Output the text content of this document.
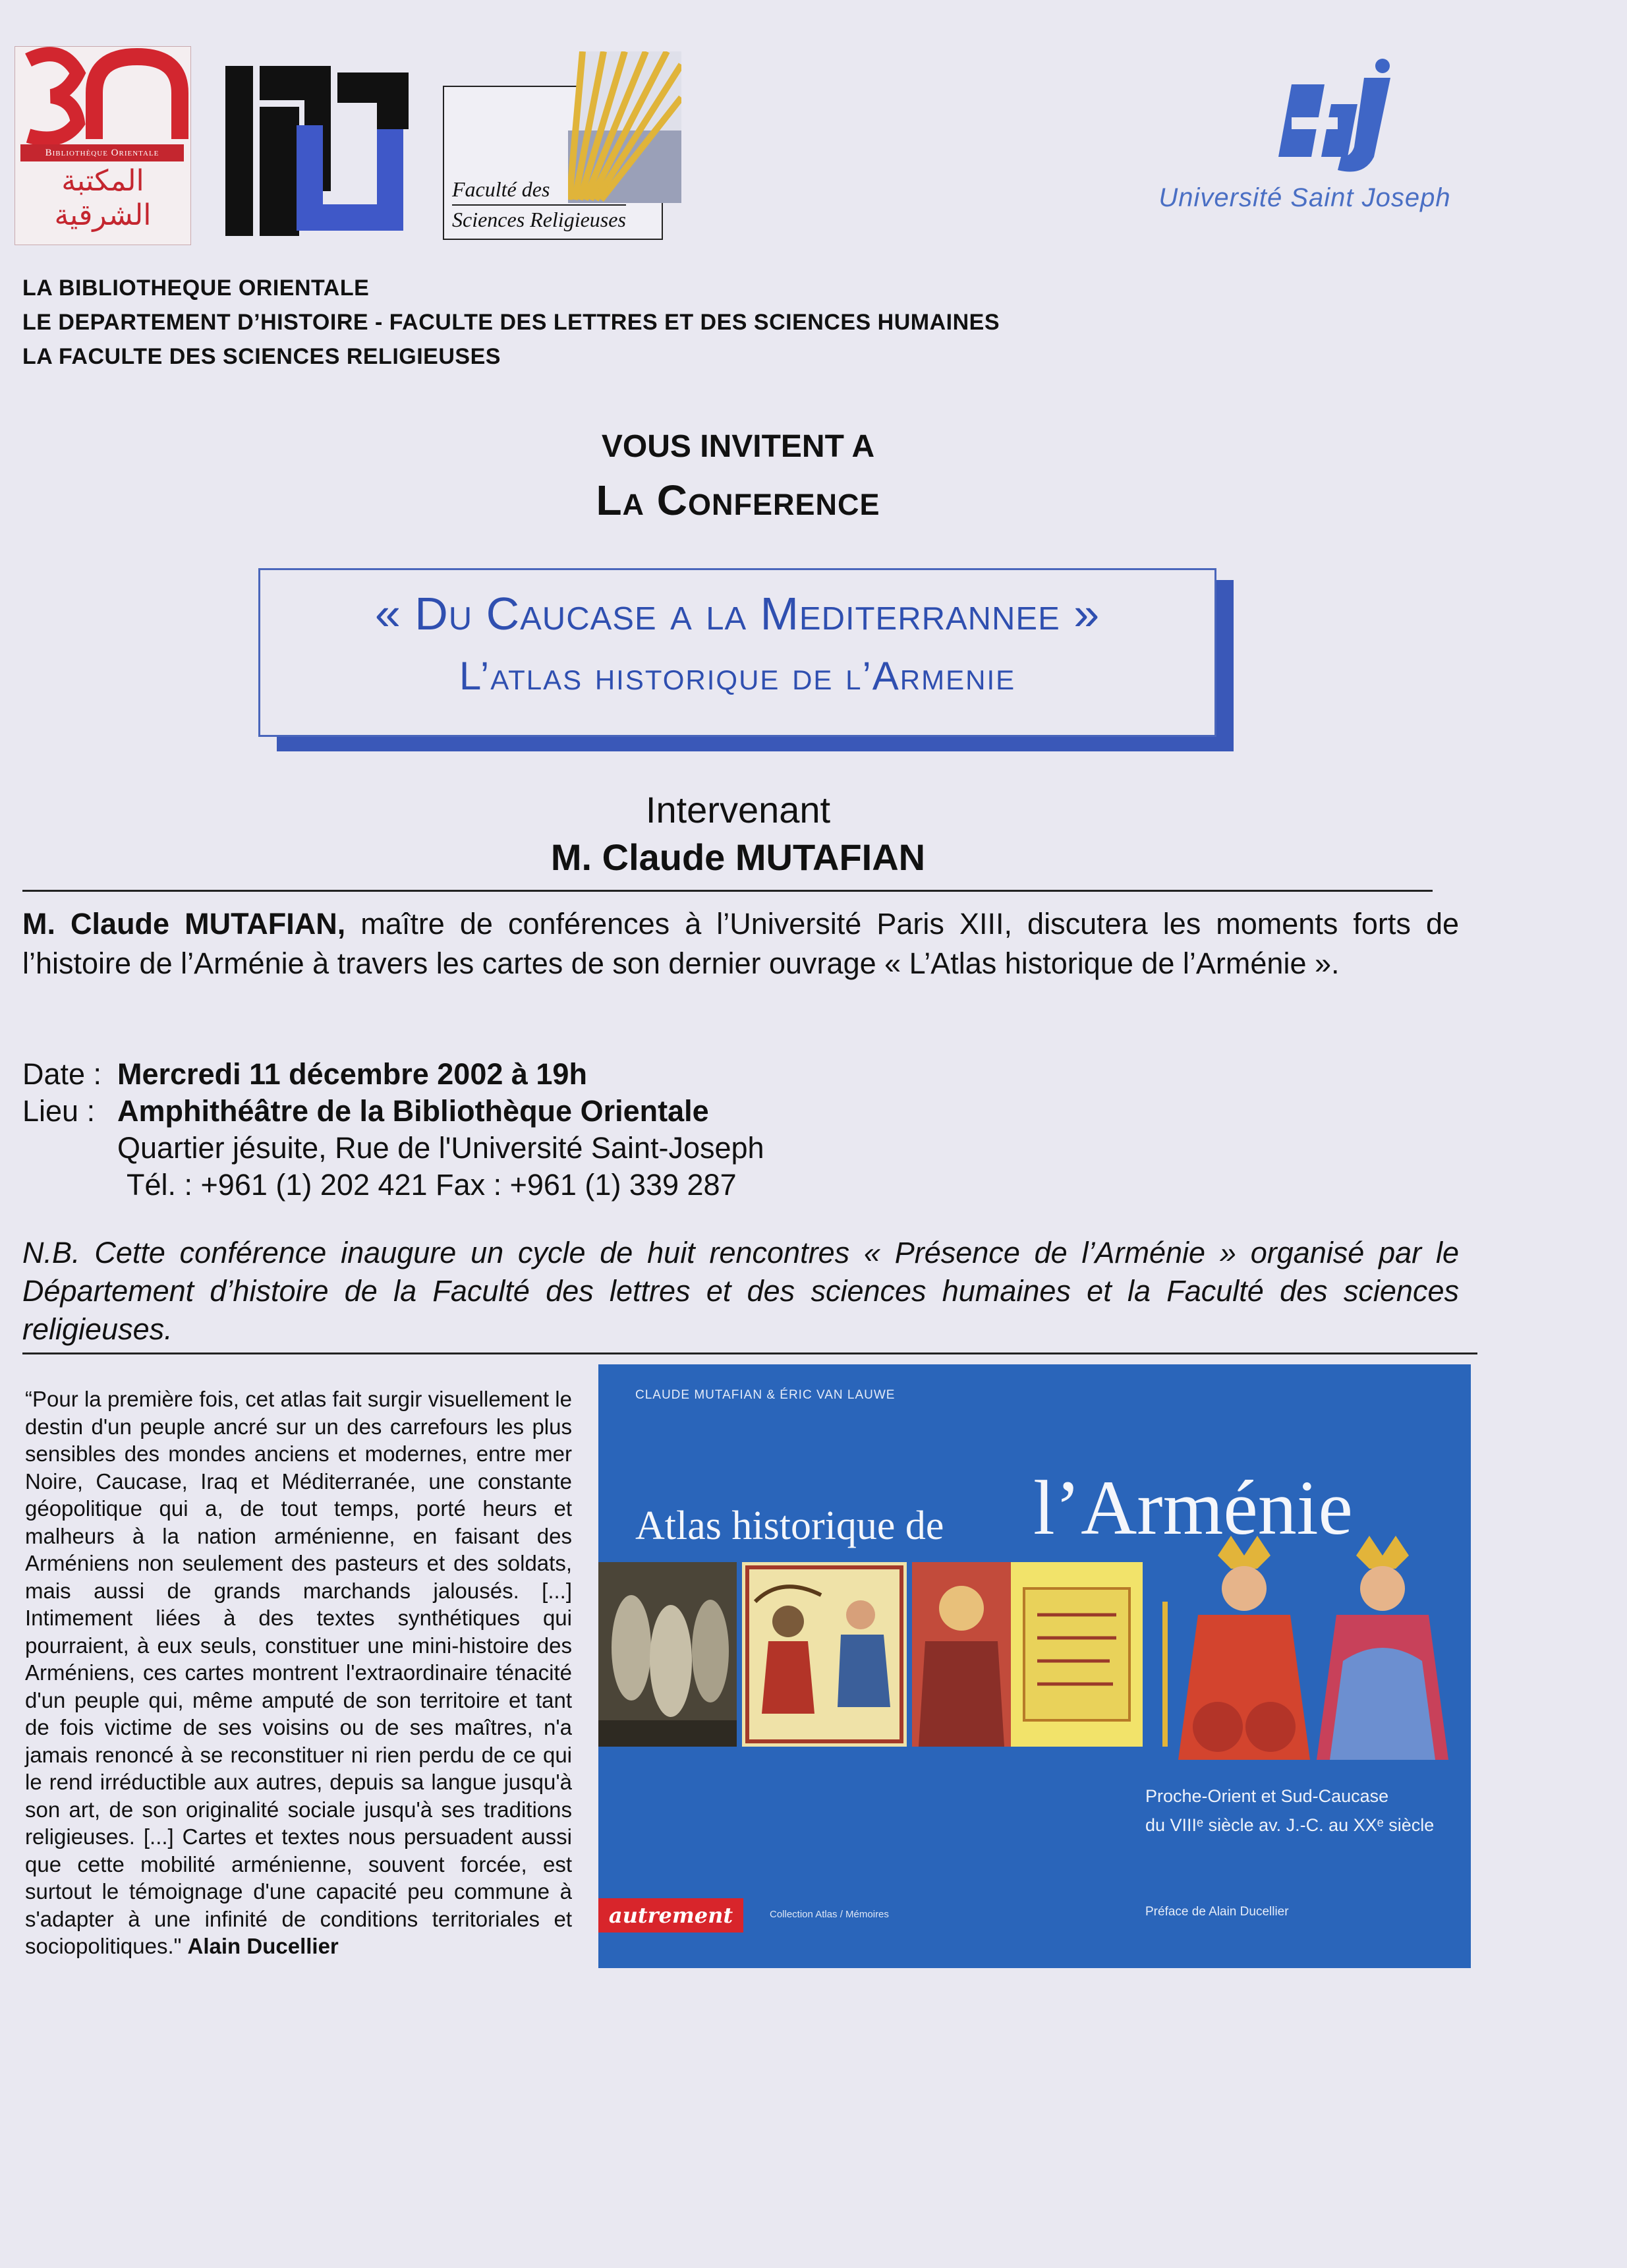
Bibliothèque Orientale
المكتبة الشرقية
Faculté des
Sciences Religieuses
Université Saint Joseph
LA BIBLIOTHEQUE ORIENTALE
LE DEPARTEMENT D’HISTOIRE - FACULTE DES LETTRES ET DES SCIENCES HUMAINES
LA FACULTE DES SCIENCES RELIGIEUSES
VOUS INVITENT A
La Conference
« Du Caucase a la Mediterrannee »
L’atlas historique de l’Armenie
Intervenant
M. Claude MUTAFIAN
M. Claude MUTAFIAN, maître de conférences à l’Université Paris XIII, discutera les moments forts de l’histoire de l’Arménie à travers les cartes de son dernier ouvrage « L’Atlas historique de l’Arménie ».
Date : Mercredi 11 décembre 2002 à 19h
Lieu : Amphithéâtre de la Bibliothèque Orientale
Quartier jésuite, Rue de l'Université Saint-Joseph
Tél. : +961 (1) 202 421 Fax : +961 (1) 339 287
N.B. Cette conférence inaugure un cycle de huit rencontres « Présence de l’Arménie » organisé par le Département d’histoire de la Faculté des lettres et des sciences humaines et la Faculté des sciences religieuses.
“Pour la première fois, cet atlas fait surgir visuellement le destin d'un peuple ancré sur un des carrefours les plus sensibles des mondes anciens et modernes, entre mer Noire, Caucase, Iraq et Méditerranée, une constante géopolitique qui a, de tout temps, porté heurs et malheurs à la nation arménienne, en faisant des Arméniens non seulement des pasteurs et des soldats, mais aussi de grands marchands jalousés. [...] Intimement liées à des textes synthétiques qui pourraient, à eux seuls, constituer une mini-histoire des Arméniens, ces cartes montrent l'extraordinaire ténacité d'un peuple qui, même amputé de son territoire et tant de fois victime de ses voisins ou de ses maîtres, n'a jamais renoncé à se reconstituer ni rien perdu de ce qui le rend irréductible aux autres, depuis sa langue jusqu'à son art, de son originalité sociale jusqu'à ses traditions religieuses. [...] Cartes et textes nous persuadent aussi que cette mobilité arménienne, souvent forcée, est surtout le témoignage d'une capacité peu commune à s'adapter à une infinité de conditions territoriales et sociopolitiques." Alain Ducellier
CLAUDE MUTAFIAN & ÉRIC VAN LAUWE
Atlas historique de l’Arménie
Proche-Orient et Sud-Caucase
du VIIIᵉ siècle av. J.-C. au XXᵉ siècle
autrement	Collection Atlas / Mémoires	Préface de Alain Ducellier
